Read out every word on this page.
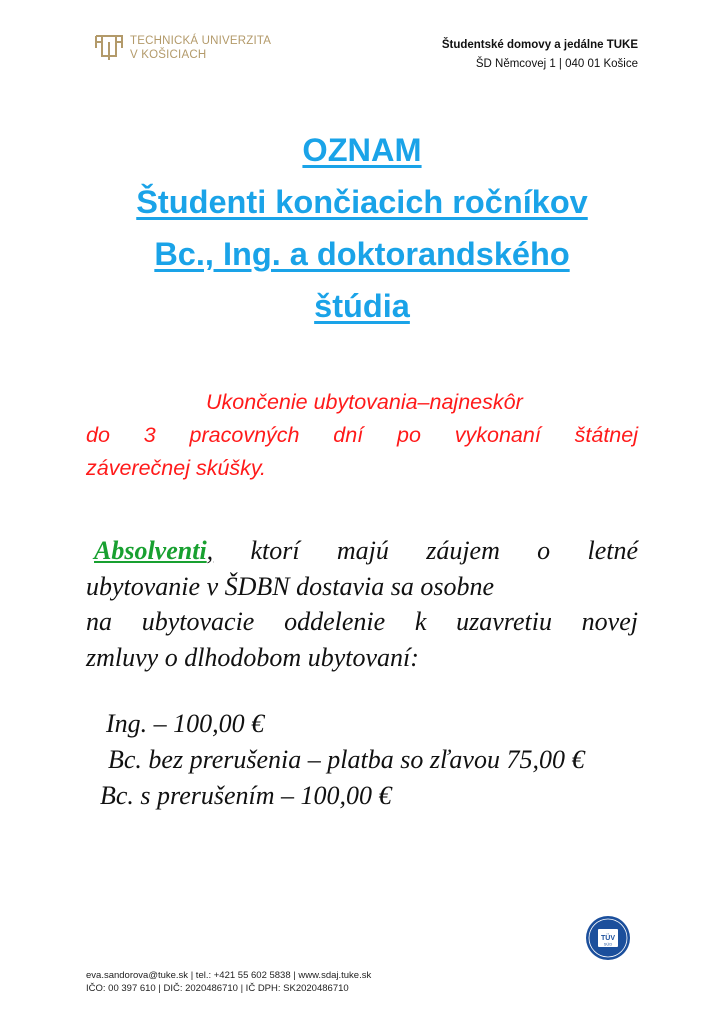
TECHNICKÁ UNIVERZITA
V KOŠICIACH
Študentské domovy a jedálne TUKE
ŠD Němcovej 1 | 040 01 Košice
OZNAM
Študenti končiacich ročníkov
Bc., Ing. a doktorandského
štúdia
Ukončenie ubytovania–najneskôr
do 3 pracovných dní po vykonaní štátnej
záverečnej skúšky.
Absolventi, ktorí majú záujem o letné
ubytovanie v ŠDBN dostavia sa osobne
na ubytovacie oddelenie k uzavretiu novej
zmluvy o dlhodobom ubytovaní:
Ing. – 100,00 €
Bc. bez prerušenia – platba so zľavou 75,00 €
Bc. s prerušením – 100,00 €
TÜV
SÜD
eva.sandorova@tuke.sk | tel.: +421 55 602 5838 | www.sdaj.tuke.sk
IČO: 00 397 610 | DIČ: 2020486710 | IČ DPH: SK2020486710
